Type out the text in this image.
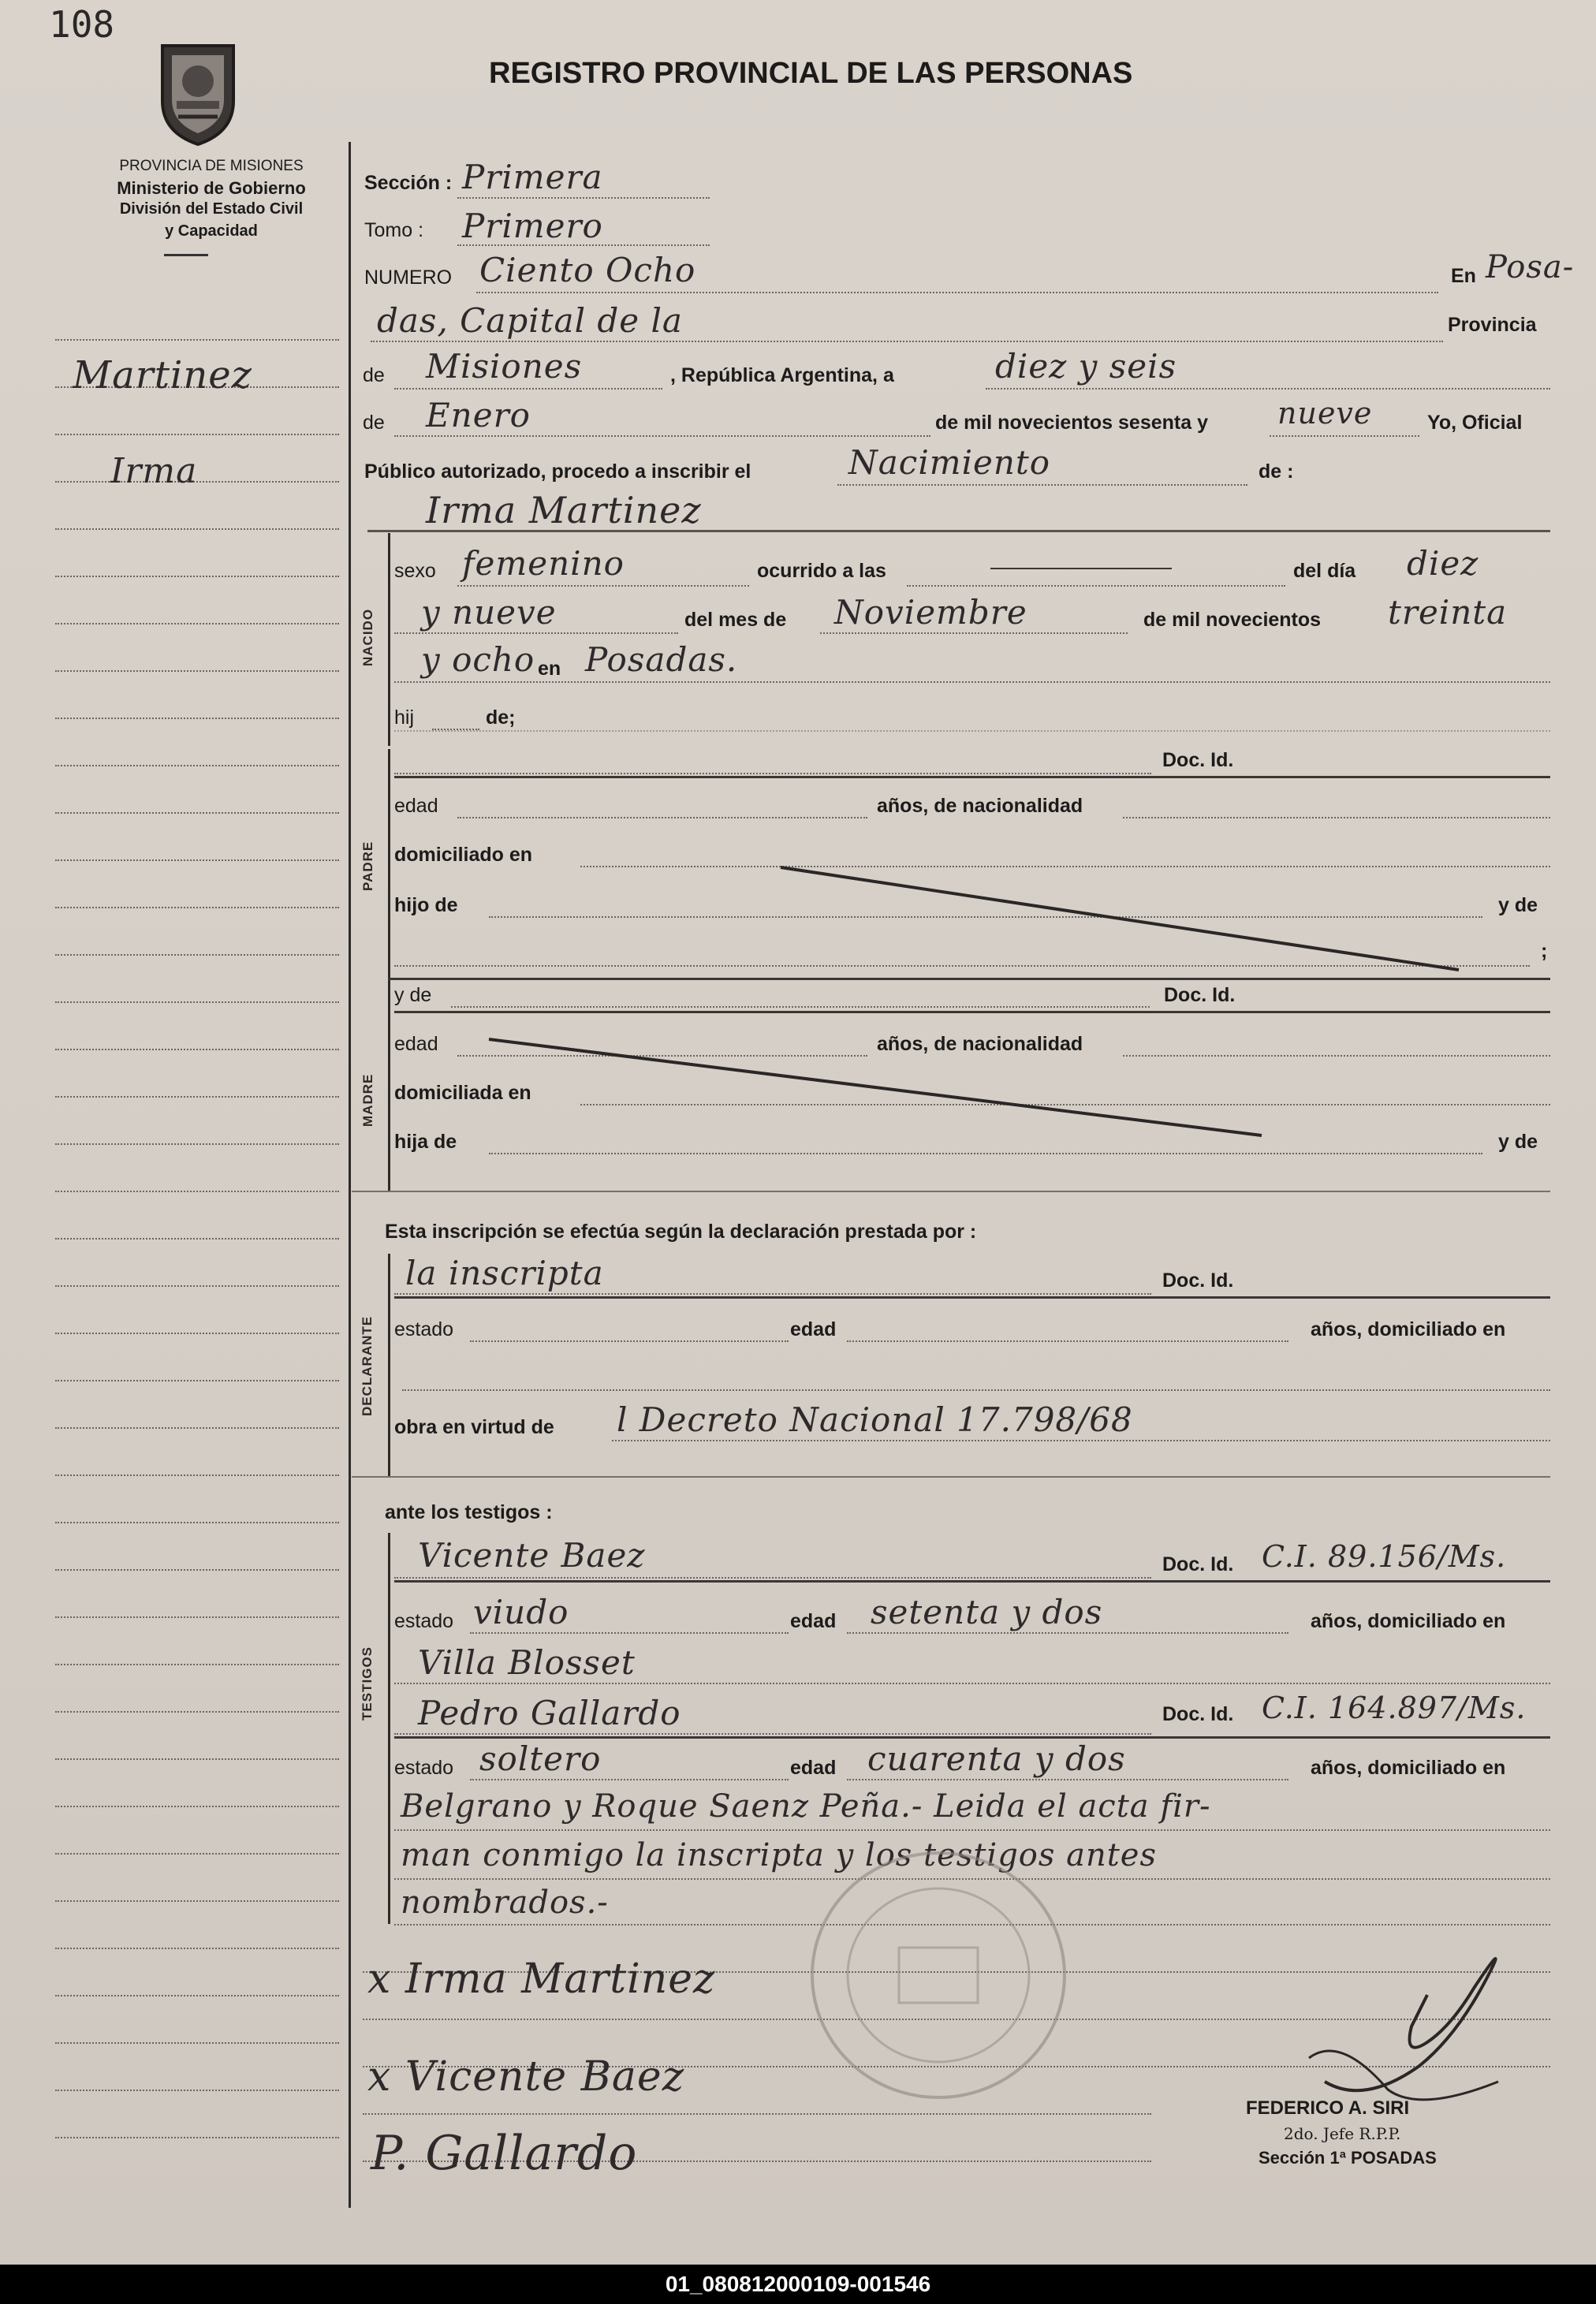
108
PROVINCIA DE MISIONES
Ministerio de Gobierno
División del Estado Civil
y Capacidad
REGISTRO PROVINCIAL DE LAS PERSONAS
Martinez
Irma
Sección : Primera
Tomo : Primero
NUMERO Ciento Ocho	En Posa-
das, Capital de la	Provincia
de Misiones	, República Argentina, a	diez y seis
de Enero	de mil novecientos sesenta y nueve	Yo, Oficial
Público autorizado, procedo a inscribir el	Nacimiento	de :
Irma Martinez
NACIDO
sexo femenino	ocurrido a las	del día diez
y nueve	del mes de Noviembre	de mil novecientos treinta
y ocho en Posadas.
hij	de;
PADRE
Doc. Id.
edad	años, de nacionalidad
domiciliado en
hijo de	y de
;
MADRE
y de	Doc. Id.
edad	años, de nacionalidad
domiciliada en
hija de	y de
Esta inscripción se efectúa según la declaración prestada por :
DECLARANTE
la inscripta	Doc. Id.
estado	edad	años, domiciliado en
obra en virtud de l Decreto Nacional 17.798/68
ante los testigos :
TESTIGOS
Vicente Baez	Doc. Id. C.I. 89.156/Ms.
estado viudo	edad setenta y dos	años, domiciliado en
Villa Blosset
Pedro Gallardo	Doc. Id. C.I. 164.897/Ms.
estado soltero	edad cuarenta y dos	años, domiciliado en
Belgrano y Roque Saenz Peña.- Leida el acta fir-
man conmigo la inscripta y los testigos antes
nombrados.-
x Irma Martinez
x Vicente Baez
P. Gallardo
FEDERICO A. SIRI
2do. Jefe R.P.P.
Sección 1ª POSADAS
01_080812000109-001546
